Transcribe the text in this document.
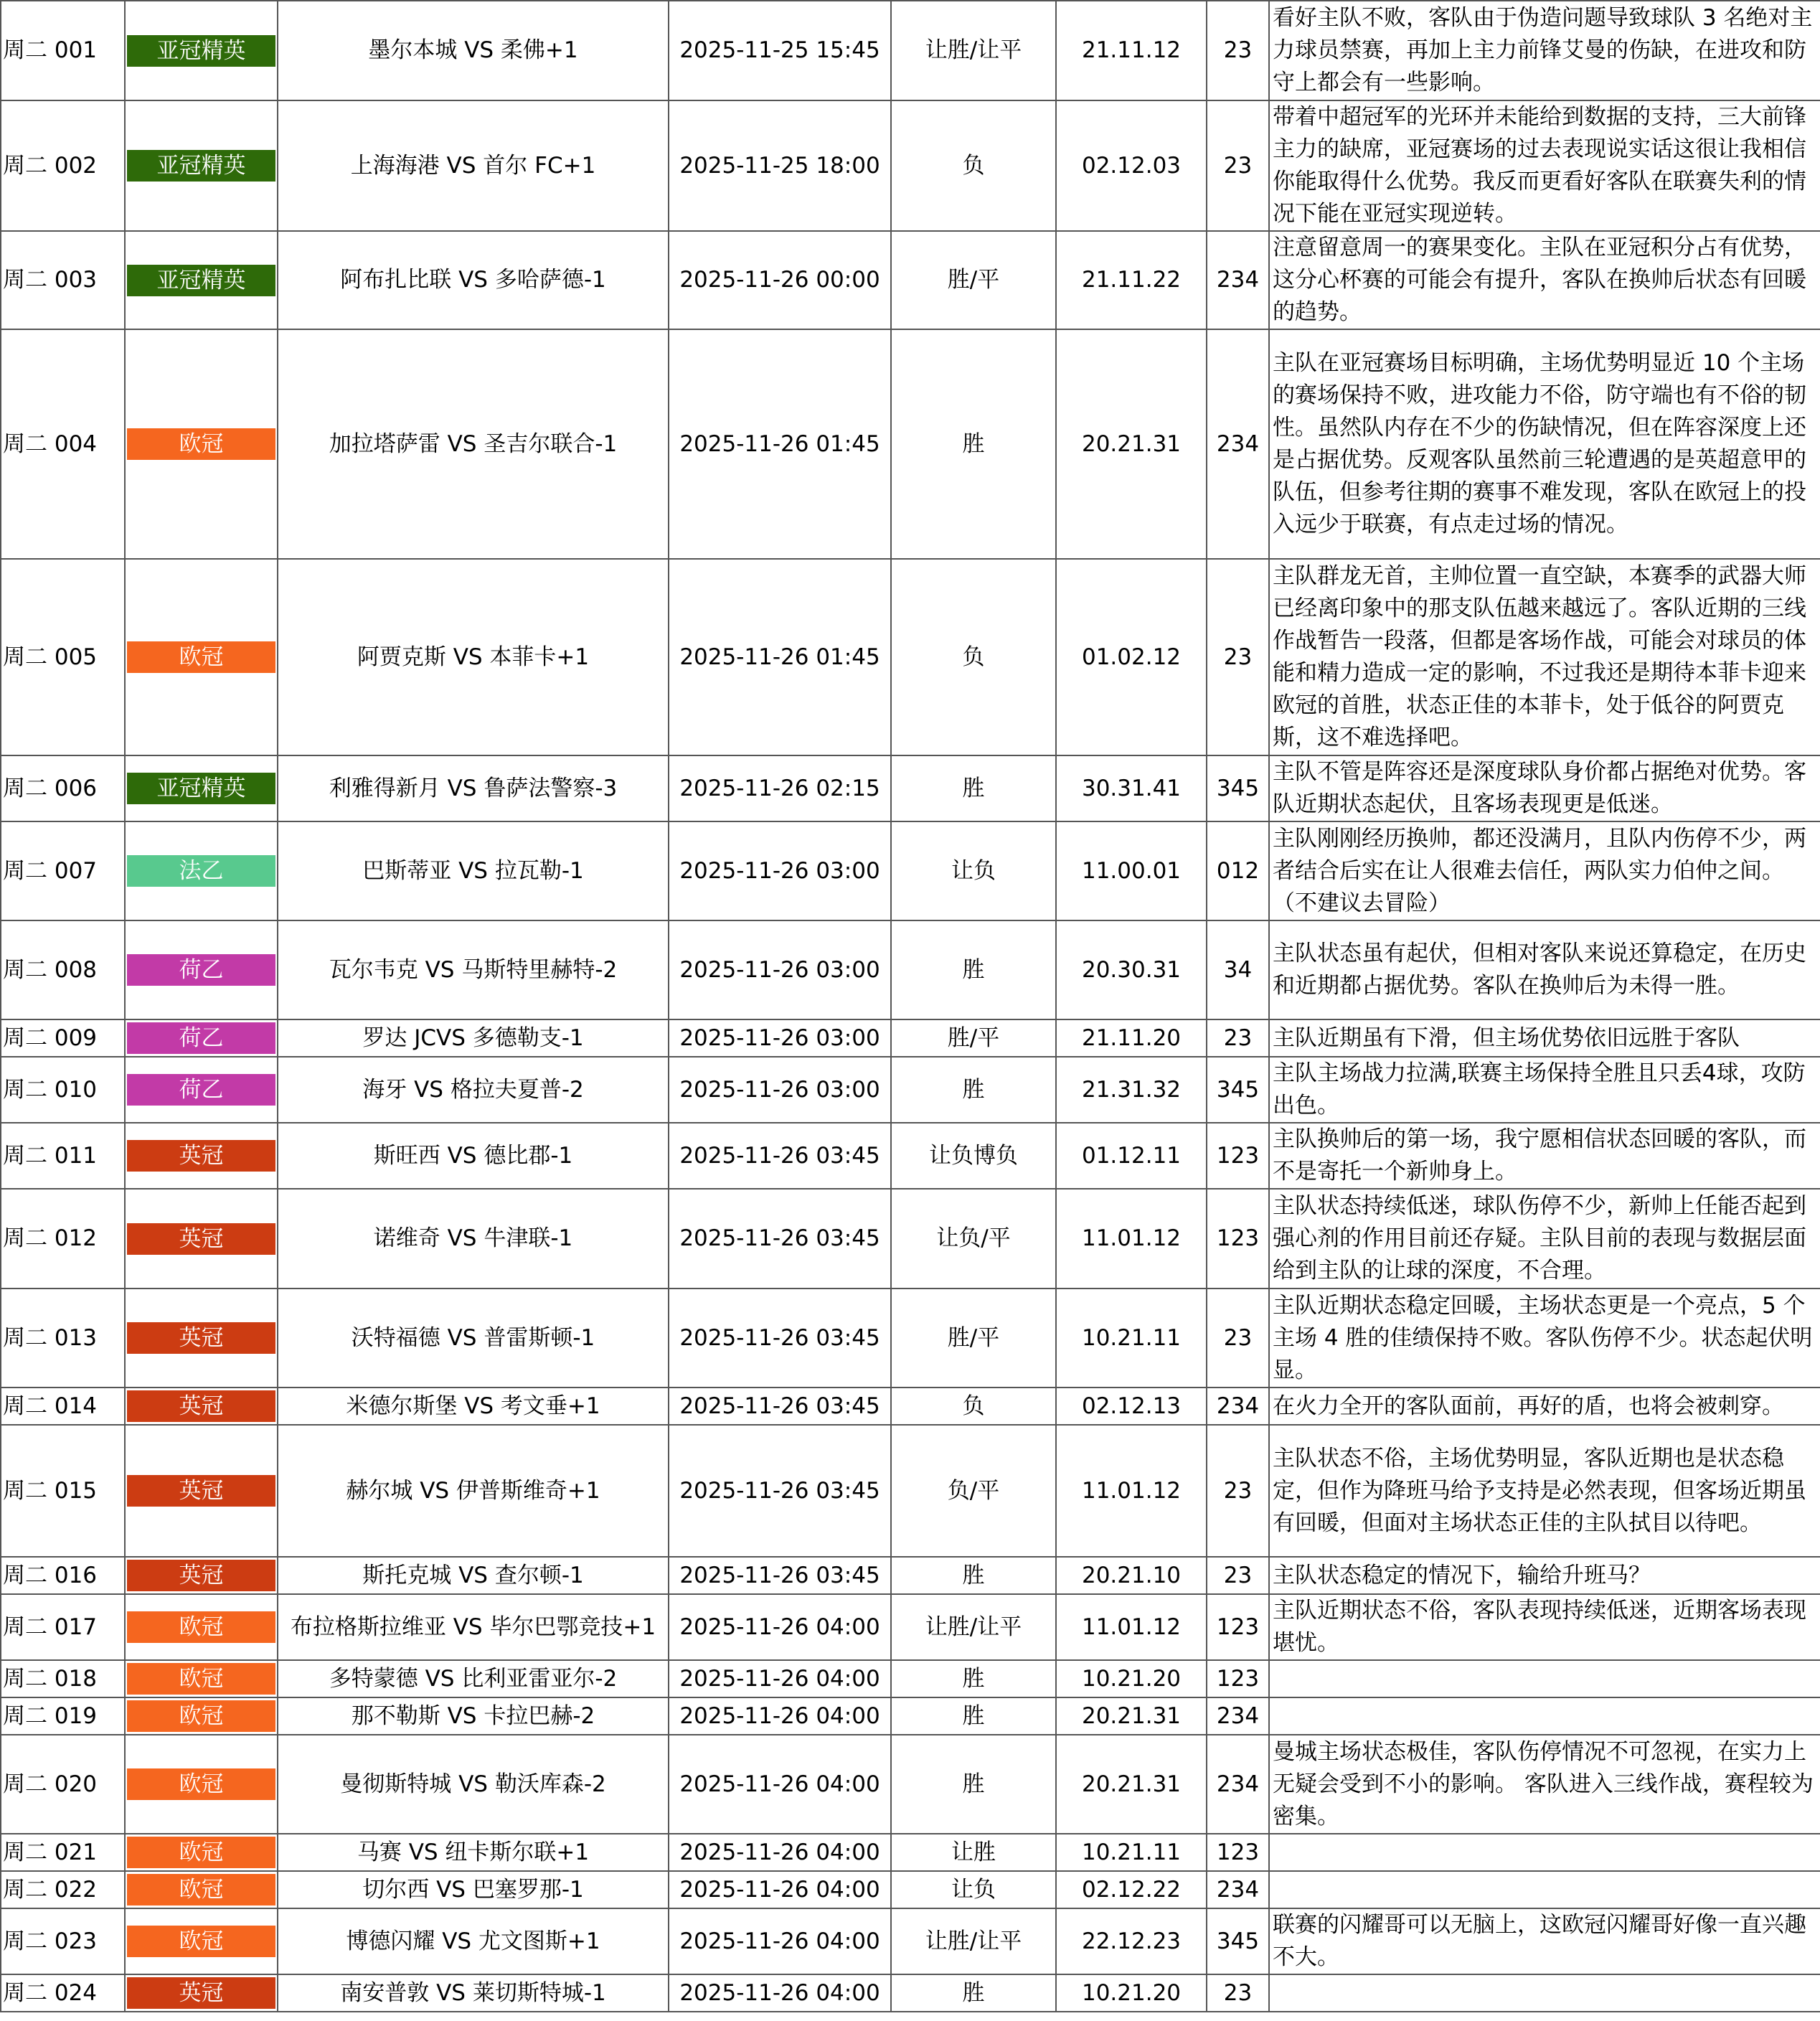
周二 001	亚冠精英	墨尔本城 VS 柔佛+1	2025-11-25 15:45	让胜/让平	21.11.12	23	看好主队不败，客队由于伪造问题导致球队 3 名绝对主力球员禁赛，再加上主力前锋艾曼的伤缺，在进攻和防守上都会有一些影响。
周二 002	亚冠精英	上海海港 VS 首尔 FC+1	2025-11-25 18:00	负	02.12.03	23	带着中超冠军的光环并未能给到数据的支持，三大前锋主力的缺席，亚冠赛场的过去表现说实话这很让我相信你能取得什么优势。我反而更看好客队在联赛失利的情况下能在亚冠实现逆转。
周二 003	亚冠精英	阿布扎比联 VS 多哈萨德-1	2025-11-26 00:00	胜/平	21.11.22	234	注意留意周一的赛果变化。主队在亚冠积分占有优势，这分心杯赛的可能会有提升，客队在换帅后状态有回暖的趋势。
周二 004	欧冠	加拉塔萨雷 VS 圣吉尔联合-1	2025-11-26 01:45	胜	20.21.31	234	主队在亚冠赛场目标明确，主场优势明显近 10 个主场的赛场保持不败，进攻能力不俗，防守端也有不俗的韧性。虽然队内存在不少的伤缺情况，但在阵容深度上还是占据优势。反观客队虽然前三轮遭遇的是英超意甲的队伍，但参考往期的赛事不难发现，客队在欧冠上的投入远少于联赛，有点走过场的情况。
周二 005	欧冠	阿贾克斯 VS 本菲卡+1	2025-11-26 01:45	负	01.02.12	23	主队群龙无首，主帅位置一直空缺，本赛季的武器大师已经离印象中的那支队伍越来越远了。客队近期的三线作战暂告一段落，但都是客场作战，可能会对球员的体能和精力造成一定的影响，不过我还是期待本菲卡迎来欧冠的首胜，状态正佳的本菲卡，处于低谷的阿贾克斯，这不难选择吧。
周二 006	亚冠精英	利雅得新月 VS 鲁萨法警察-3	2025-11-26 02:15	胜	30.31.41	345	主队不管是阵容还是深度球队身价都占据绝对优势。客队近期状态起伏，且客场表现更是低迷。
周二 007	法乙	巴斯蒂亚 VS 拉瓦勒-1	2025-11-26 03:00	让负	11.00.01	012	主队刚刚经历换帅，都还没满月，且队内伤停不少，两者结合后实在让人很难去信任，两队实力伯仲之间。（不建议去冒险）
周二 008	荷乙	瓦尔韦克 VS 马斯特里赫特-2	2025-11-26 03:00	胜	20.30.31	34	主队状态虽有起伏，但相对客队来说还算稳定，在历史和近期都占据优势。客队在换帅后为未得一胜。
周二 009	荷乙	罗达 JCVS 多德勒支-1	2025-11-26 03:00	胜/平	21.11.20	23	主队近期虽有下滑，但主场优势依旧远胜于客队
周二 010	荷乙	海牙 VS 格拉夫夏普-2	2025-11-26 03:00	胜	21.31.32	345	主队主场战力拉满,联赛主场保持全胜且只丢4球，攻防出色。
周二 011	英冠	斯旺西 VS 德比郡-1	2025-11-26 03:45	让负博负	01.12.11	123	主队换帅后的第一场，我宁愿相信状态回暖的客队，而不是寄托一个新帅身上。
周二 012	英冠	诺维奇 VS 牛津联-1	2025-11-26 03:45	让负/平	11.01.12	123	主队状态持续低迷，球队伤停不少，新帅上任能否起到强心剂的作用目前还存疑。主队目前的表现与数据层面给到主队的让球的深度，不合理。
周二 013	英冠	沃特福德 VS 普雷斯顿-1	2025-11-26 03:45	胜/平	10.21.11	23	主队近期状态稳定回暖，主场状态更是一个亮点，5 个主场 4 胜的佳绩保持不败。客队伤停不少。状态起伏明显。
周二 014	英冠	米德尔斯堡 VS 考文垂+1	2025-11-26 03:45	负	02.12.13	234	在火力全开的客队面前，再好的盾，也将会被刺穿。
周二 015	英冠	赫尔城 VS 伊普斯维奇+1	2025-11-26 03:45	负/平	11.01.12	23	主队状态不俗，主场优势明显，客队近期也是状态稳定，但作为降班马给予支持是必然表现，但客场近期虽有回暖，但面对主场状态正佳的主队拭目以待吧。
周二 016	英冠	斯托克城 VS 查尔顿-1	2025-11-26 03:45	胜	20.21.10	23	主队状态稳定的情况下，输给升班马？
周二 017	欧冠	布拉格斯拉维亚 VS 毕尔巴鄂竞技+1	2025-11-26 04:00	让胜/让平	11.01.12	123	主队近期状态不俗，客队表现持续低迷，近期客场表现堪忧。
周二 018	欧冠	多特蒙德 VS 比利亚雷亚尔-2	2025-11-26 04:00	胜	10.21.20	123	
周二 019	欧冠	那不勒斯 VS 卡拉巴赫-2	2025-11-26 04:00	胜	20.21.31	234	
周二 020	欧冠	曼彻斯特城 VS 勒沃库森-2	2025-11-26 04:00	胜	20.21.31	234	曼城主场状态极佳，客队伤停情况不可忽视，在实力上无疑会受到不小的影响。 客队进入三线作战，赛程较为密集。
周二 021	欧冠	马赛 VS 纽卡斯尔联+1	2025-11-26 04:00	让胜	10.21.11	123	
周二 022	欧冠	切尔西 VS 巴塞罗那-1	2025-11-26 04:00	让负	02.12.22	234	
周二 023	欧冠	博德闪耀 VS 尤文图斯+1	2025-11-26 04:00	让胜/让平	22.12.23	345	联赛的闪耀哥可以无脑上，这欧冠闪耀哥好像一直兴趣不大。
周二 024	英冠	南安普敦 VS 莱切斯特城-1	2025-11-26 04:00	胜	10.21.20	23	
